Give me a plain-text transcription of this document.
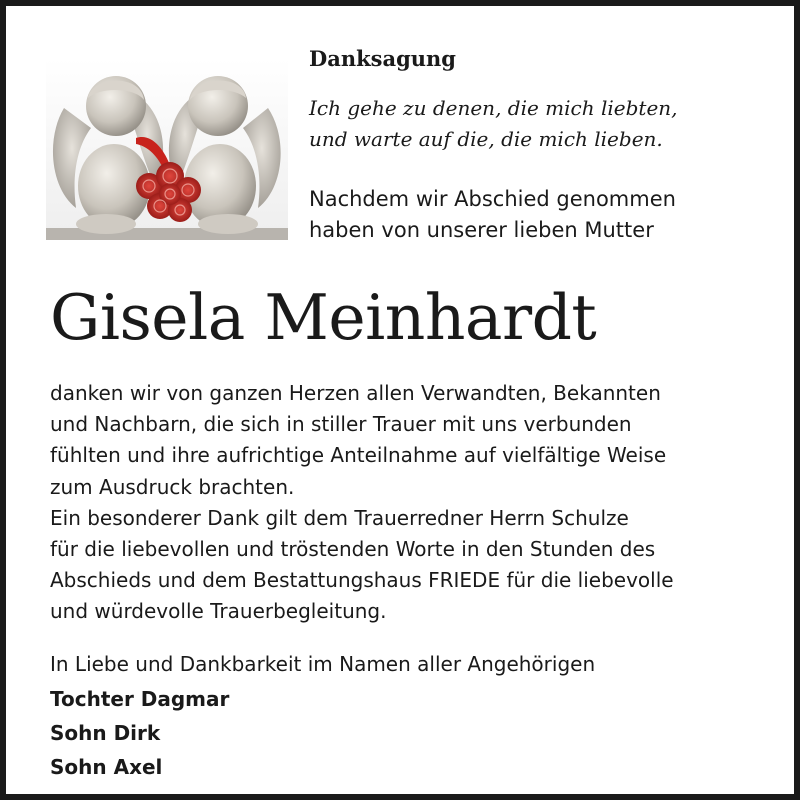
Danksagung
Ich gehe zu denen, die mich liebten,
und warte auf die, die mich lieben.
Nachdem wir Abschied genommen
haben von unserer lieben Mutter
Gisela Meinhardt
danken wir von ganzen Herzen allen Verwandten, Bekannten
und Nachbarn, die sich in stiller Trauer mit uns verbunden
fühlten und ihre aufrichtige Anteilnahme auf vielfältige Weise
zum Ausdruck brachten.
Ein besonderer Dank gilt dem Trauerredner Herrn Schulze
für die liebevollen und tröstenden Worte in den Stunden des
Abschieds und dem Bestattungshaus FRIEDE für die liebevolle
und würdevolle Trauerbegleitung.
In Liebe und Dankbarkeit im Namen aller Angehörigen
Tochter Dagmar
Sohn Dirk
Sohn Axel
